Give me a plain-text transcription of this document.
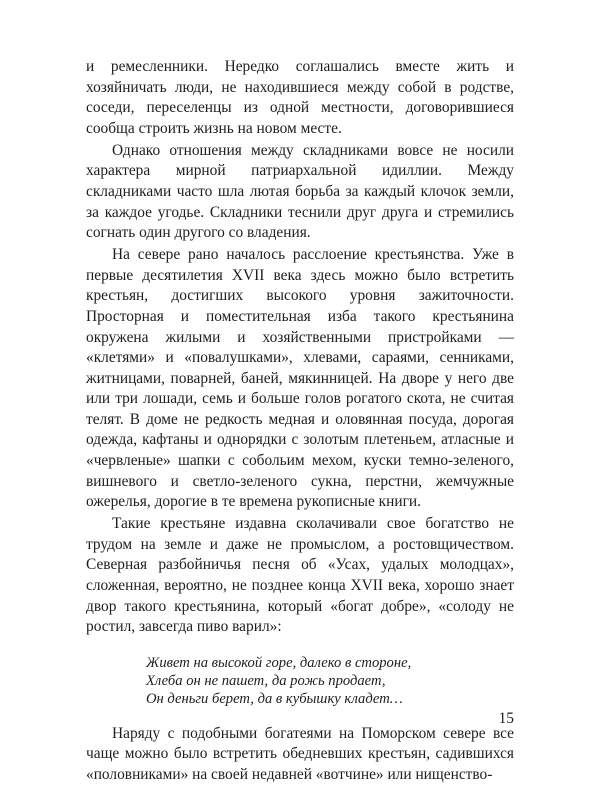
и ремесленники. Нередко соглашались вместе жить и хозяйничать люди, не находившиеся между собой в родстве, соседи, переселенцы из одной местности, договорившиеся сообща строить жизнь на новом месте.

Однако отношения между складниками вовсе не носили характера мирной патриархальной идиллии. Между складниками часто шла лютая борьба за каждый клочок земли, за каждое угодье. Складники теснили друг друга и стремились согнать один другого со владения.

На севере рано началось расслоение крестьянства. Уже в первые десятилетия XVII века здесь можно было встретить крестьян, достигших высокого уровня зажиточности. Просторная и поместительная изба такого крестьянина окружена жилыми и хозяйственными пристройками — «клетями» и «повалушками», хлевами, сараями, сенниками, житницами, поварней, баней, мякинницей. На дворе у него две или три лошади, семь и больше голов рогатого скота, не считая телят. В доме не редкость медная и оловянная посуда, дорогая одежда, кафтаны и однорядки с золотым плетеньем, атласные и «червленые» шапки с собольим мехом, куски темно-зеленого, вишневого и светло-зеленого сукна, перстни, жемчужные ожерелья, дорогие в те времена рукописные книги.

Такие крестьяне издавна сколачивали свое богатство не трудом на земле и даже не промыслом, а ростовщичеством. Северная разбойничья песня об «Усах, удалых молодцах», сложенная, вероятно, не позднее конца XVII века, хорошо знает двор такого крестьянина, который «богат добре», «солоду не ростил, завсегда пиво варил»:

Живет на высокой горе, далеко в стороне,
Хлеба он не пашет, да рожь продает,
Он деньги берет, да в кубышку кладет…

Наряду с подобными богатеями на Поморском севере все чаще можно было встретить обедневших крестьян, садившихся «половниками» на своей недавней «вотчине» или нищенство-

15
